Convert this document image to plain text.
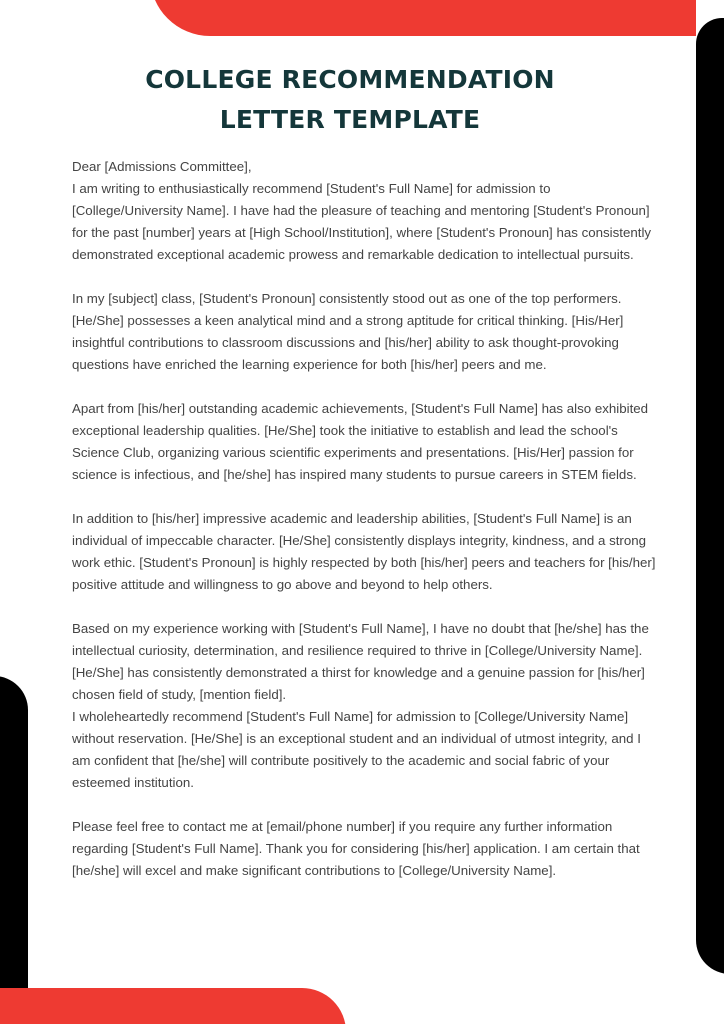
COLLEGE RECOMMENDATION
LETTER TEMPLATE

Dear [Admissions Committee],

I am writing to enthusiastically recommend [Student's Full Name] for admission to [College/University Name]. I have had the pleasure of teaching and mentoring [Student's Pronoun] for the past [number] years at [High School/Institution], where [Student's Pronoun] has consistently demonstrated exceptional academic prowess and remarkable dedication to intellectual pursuits.

In my [subject] class, [Student's Pronoun] consistently stood out as one of the top performers. [He/She] possesses a keen analytical mind and a strong aptitude for critical thinking. [His/Her] insightful contributions to classroom discussions and [his/her] ability to ask thought-provoking questions have enriched the learning experience for both [his/her] peers and me.

Apart from [his/her] outstanding academic achievements, [Student's Full Name] has also exhibited exceptional leadership qualities. [He/She] took the initiative to establish and lead the school's Science Club, organizing various scientific experiments and presentations. [His/Her] passion for science is infectious, and [he/she] has inspired many students to pursue careers in STEM fields.

In addition to [his/her] impressive academic and leadership abilities, [Student's Full Name] is an individual of impeccable character. [He/She] consistently displays integrity, kindness, and a strong work ethic. [Student's Pronoun] is highly respected by both [his/her] peers and teachers for [his/her] positive attitude and willingness to go above and beyond to help others.

Based on my experience working with [Student's Full Name], I have no doubt that [he/she] has the intellectual curiosity, determination, and resilience required to thrive in [College/University Name]. [He/She] has consistently demonstrated a thirst for knowledge and a genuine passion for [his/her] chosen field of study, [mention field].

I wholeheartedly recommend [Student's Full Name] for admission to [College/University Name] without reservation. [He/She] is an exceptional student and an individual of utmost integrity, and I am confident that [he/she] will contribute positively to the academic and social fabric of your esteemed institution.

Please feel free to contact me at [email/phone number] if you require any further information regarding [Student's Full Name]. Thank you for considering [his/her] application. I am certain that [he/she] will excel and make significant contributions to [College/University Name].
